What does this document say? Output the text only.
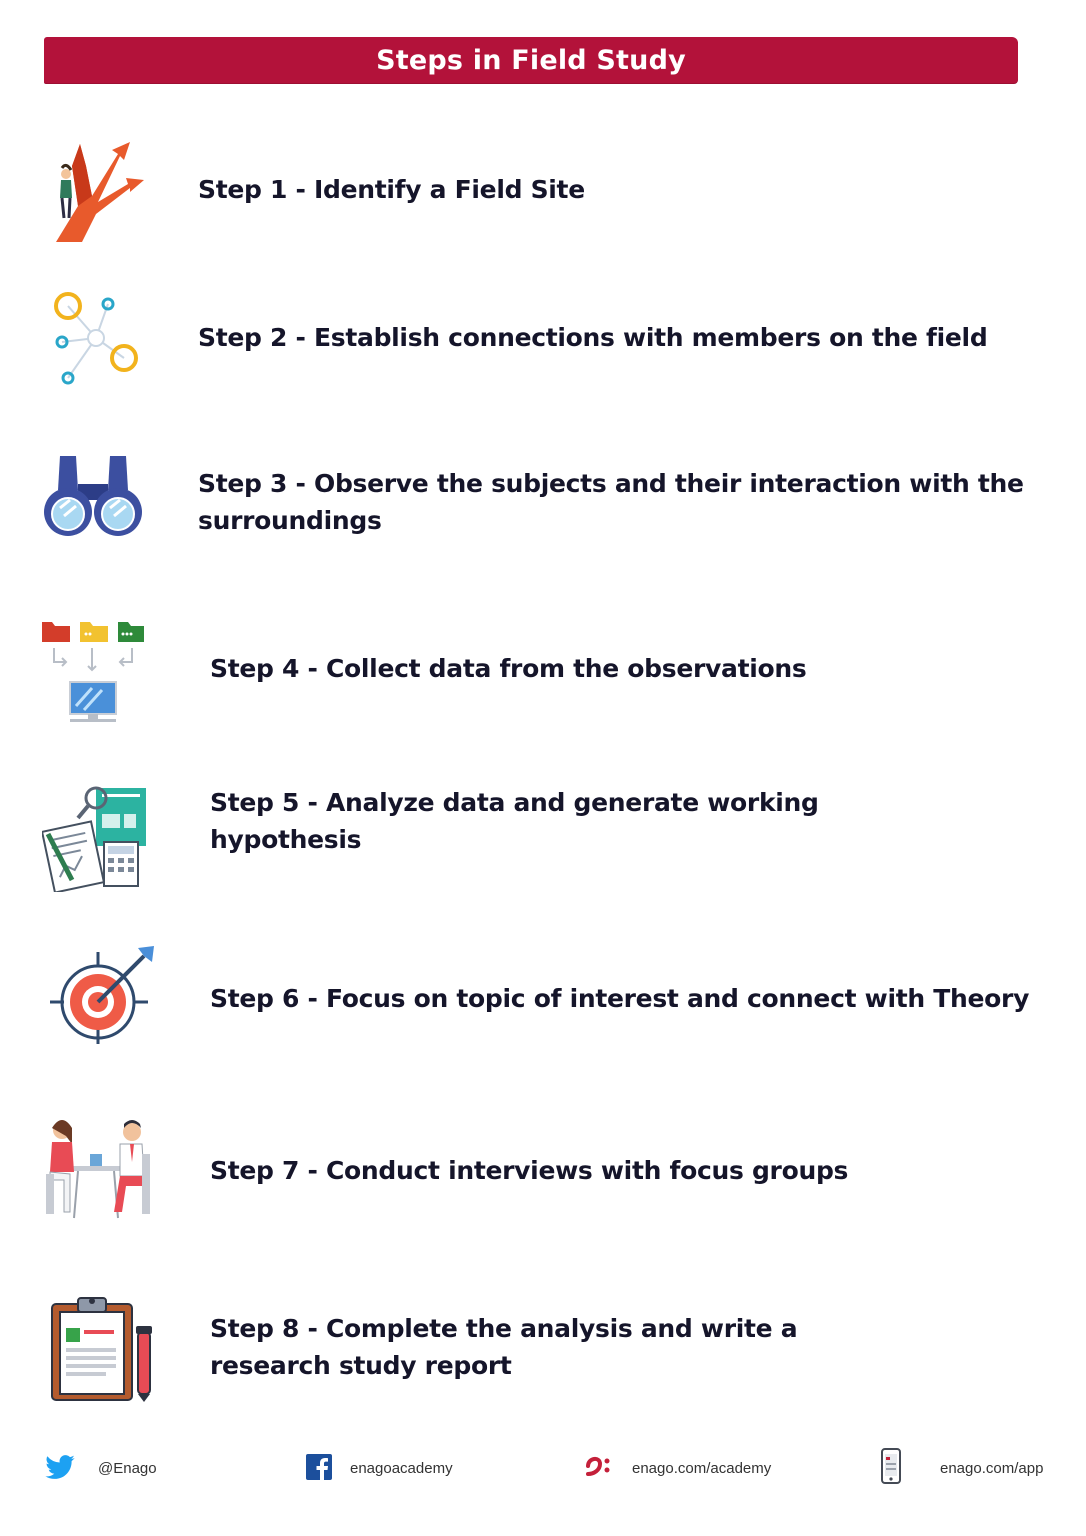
Steps in Field Study
Step 1 - Identify a Field Site
Step 2 - Establish connections with members on the field
Step 3 - Observe the subjects and their interaction with the surroundings
Step 4 - Collect data from the observations
Step 5 - Analyze data and generate working hypothesis
Step 6 - Focus on topic of interest and connect with Theory
Step 7 - Conduct interviews with focus groups
Step 8 - Complete the analysis and write a research study report
@Enago	enagoacademy	enago.com/academy	enago.com/app
